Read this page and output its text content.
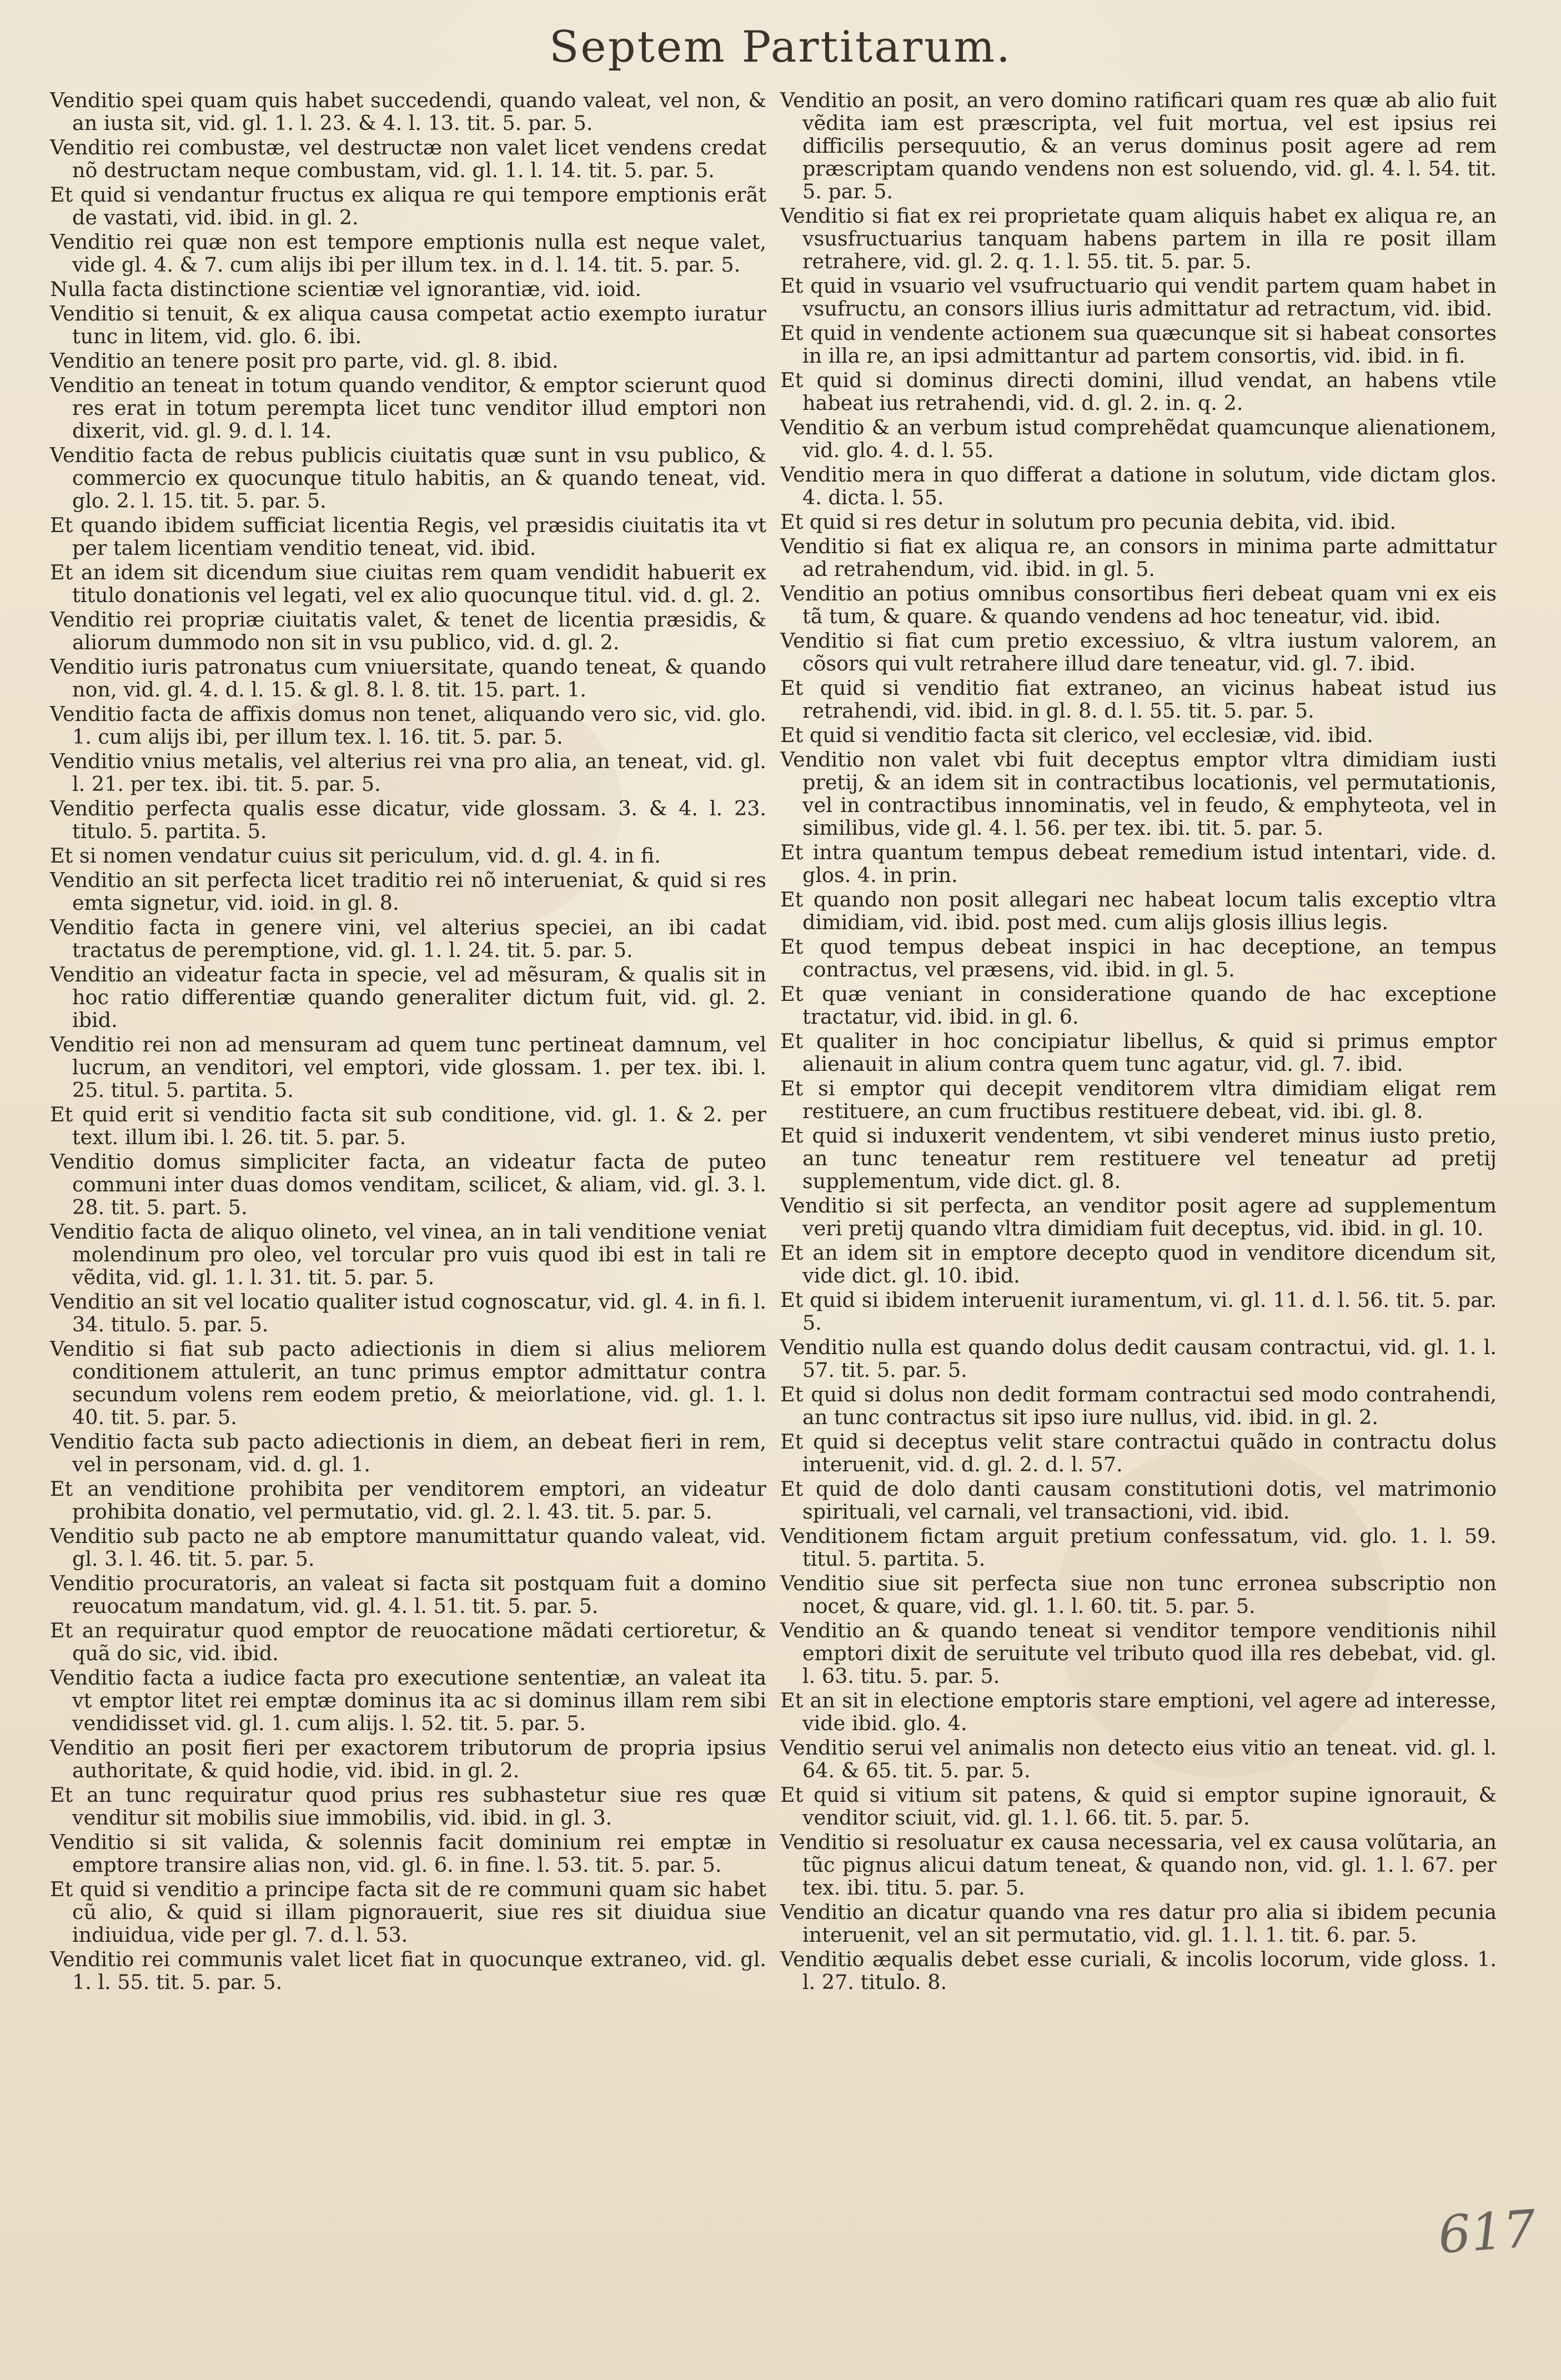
Septem Partitarum.

Venditio spei quam quis habet succedendi, quando valeat, vel non, & an iusta sit, vid. gl. 1. l. 23. & 4. l. 13. tit. 5. par. 5.

Venditio rei combustæ, vel destructæ non valet licet vendens credat nõ destructam neque combustam, vid. gl. 1. l. 14. tit. 5. par. 5.

Et quid si vendantur fructus ex aliqua re qui tempore emptionis erãt de vastati, vid. ibid. in gl. 2.

Venditio rei quæ non est tempore emptionis nulla est neque valet, vide gl. 4. & 7. cum alijs ibi per illum tex. in d. l. 14. tit. 5. par. 5.

Nulla facta distinctione scientiæ vel ignorantiæ, vid. ioid.

Venditio si tenuit, & ex aliqua causa competat actio exempto iuratur tunc in litem, vid. glo. 6. ibi.

Venditio an tenere posit pro parte, vid. gl. 8. ibid.

Venditio an teneat in totum quando venditor, & emptor scierunt quod res erat in totum perempta licet tunc venditor illud emptori non dixerit, vid. gl. 9. d. l. 14.

Venditio facta de rebus publicis ciuitatis quæ sunt in vsu publico, & commercio ex quocunque titulo habitis, an & quando teneat, vid. glo. 2. l. 15. tit. 5. par. 5.

Et quando ibidem sufficiat licentia Regis, vel præsidis ciuitatis ita vt per talem licentiam venditio teneat, vid. ibid.

Et an idem sit dicendum siue ciuitas rem quam vendidit habuerit ex titulo donationis vel legati, vel ex alio quocunque titul. vid. d. gl. 2.

Venditio rei propriæ ciuitatis valet, & tenet de licentia præsidis, & aliorum dummodo non sit in vsu publico, vid. d. gl. 2.

Venditio iuris patronatus cum vniuersitate, quando teneat, & quando non, vid. gl. 4. d. l. 15. & gl. 8. l. 8. tit. 15. part. 1.

Venditio facta de affixis domus non tenet, aliquando vero sic, vid. glo. 1. cum alijs ibi, per illum tex. l. 16. tit. 5. par. 5.

Venditio vnius metalis, vel alterius rei vna pro alia, an teneat, vid. gl. l. 21. per tex. ibi. tit. 5. par. 5.

Venditio perfecta qualis esse dicatur, vide glossam. 3. & 4. l. 23. titulo. 5. partita. 5.

Et si nomen vendatur cuius sit periculum, vid. d. gl. 4. in fi.

Venditio an sit perfecta licet traditio rei nõ interueniat, & quid si res emta signetur, vid. ioid. in gl. 8.

Venditio facta in genere vini, vel alterius speciei, an ibi cadat tractatus de peremptione, vid. gl. 1. l. 24. tit. 5. par. 5.

Venditio an videatur facta in specie, vel ad mẽsuram, & qualis sit in hoc ratio differentiæ quando generaliter dictum fuit, vid. gl. 2. ibid.

Venditio rei non ad mensuram ad quem tunc pertineat damnum, vel lucrum, an venditori, vel emptori, vide glossam. 1. per tex. ibi. l. 25. titul. 5. partita. 5.

Et quid erit si venditio facta sit sub conditione, vid. gl. 1. & 2. per text. illum ibi. l. 26. tit. 5. par. 5.

Venditio domus simpliciter facta, an videatur facta de puteo communi inter duas domos venditam, scilicet, & aliam, vid. gl. 3. l. 28. tit. 5. part. 5.

Venditio facta de aliquo olineto, vel vinea, an in tali venditione veniat molendinum pro oleo, vel torcular pro vuis quod ibi est in tali re vẽdita, vid. gl. 1. l. 31. tit. 5. par. 5.

Venditio an sit vel locatio qualiter istud cognoscatur, vid. gl. 4. in fi. l. 34. titulo. 5. par. 5.

Venditio si fiat sub pacto adiectionis in diem si alius meliorem conditionem attulerit, an tunc primus emptor admittatur contra secundum volens rem eodem pretio, & meiorlatione, vid. gl. 1. l. 40. tit. 5. par. 5.

Venditio facta sub pacto adiectionis in diem, an debeat fieri in rem, vel in personam, vid. d. gl. 1.

Et an venditione prohibita per venditorem emptori, an videatur prohibita donatio, vel permutatio, vid. gl. 2. l. 43. tit. 5. par. 5.

Venditio sub pacto ne ab emptore manumittatur quando valeat, vid. gl. 3. l. 46. tit. 5. par. 5.

Venditio procuratoris, an valeat si facta sit postquam fuit a domino reuocatum mandatum, vid. gl. 4. l. 51. tit. 5. par. 5.

Et an requiratur quod emptor de reuocatione mãdati certioretur, & quã do sic, vid. ibid.

Venditio facta a iudice facta pro executione sententiæ, an valeat ita vt emptor litet rei emptæ dominus ita ac si dominus illam rem sibi vendidisset vid. gl. 1. cum alijs. l. 52. tit. 5. par. 5.

Venditio an posit fieri per exactorem tributorum de propria ipsius authoritate, & quid hodie, vid. ibid. in gl. 2.

Et an tunc requiratur quod prius res subhastetur siue res quæ venditur sit mobilis siue immobilis, vid. ibid. in gl. 3.

Venditio si sit valida, & solennis facit dominium rei emptæ in emptore transire alias non, vid. gl. 6. in fine. l. 53. tit. 5. par. 5.

Et quid si venditio a principe facta sit de re communi quam sic habet cũ alio, & quid si illam pignorauerit, siue res sit diuidua siue indiuidua, vide per gl. 7. d. l. 53.

Venditio rei communis valet licet fiat in quocunque extraneo, vid. gl. 1. l. 55. tit. 5. par. 5.

Venditio an posit, an vero domino ratificari quam res quæ ab alio fuit vẽdita iam est præscripta, vel fuit mortua, vel est ipsius rei difficilis persequutio, & an verus dominus posit agere ad rem præscriptam quando vendens non est soluendo, vid. gl. 4. l. 54. tit. 5. par. 5.

Venditio si fiat ex rei proprietate quam aliquis habet ex aliqua re, an vsusfructuarius tanquam habens partem in illa re posit illam retrahere, vid. gl. 2. q. 1. l. 55. tit. 5. par. 5.

Et quid in vsuario vel vsufructuario qui vendit partem quam habet in vsufructu, an consors illius iuris admittatur ad retractum, vid. ibid.

Et quid in vendente actionem sua quæcunque sit si habeat consortes in illa re, an ipsi admittantur ad partem consortis, vid. ibid. in fi.

Et quid si dominus directi domini, illud vendat, an habens vtile habeat ius retrahendi, vid. d. gl. 2. in. q. 2.

Venditio & an verbum istud comprehẽdat quamcunque alienationem, vid. glo. 4. d. l. 55.

Venditio mera in quo differat a datione in solutum, vide dictam glos. 4. dicta. l. 55.

Et quid si res detur in solutum pro pecunia debita, vid. ibid.

Venditio si fiat ex aliqua re, an consors in minima parte admittatur ad retrahendum, vid. ibid. in gl. 5.

Venditio an potius omnibus consortibus fieri debeat quam vni ex eis tã tum, & quare. & quando vendens ad hoc teneatur, vid. ibid.

Venditio si fiat cum pretio excessiuo, & vltra iustum valorem, an cõsors qui vult retrahere illud dare teneatur, vid. gl. 7. ibid.

Et quid si venditio fiat extraneo, an vicinus habeat istud ius retrahendi, vid. ibid. in gl. 8. d. l. 55. tit. 5. par. 5.

Et quid si venditio facta sit clerico, vel ecclesiæ, vid. ibid.

Venditio non valet vbi fuit deceptus emptor vltra dimidiam iusti pretij, & an idem sit in contractibus locationis, vel permutationis, vel in contractibus innominatis, vel in feudo, & emphyteota, vel in similibus, vide gl. 4. l. 56. per tex. ibi. tit. 5. par. 5.

Et intra quantum tempus debeat remedium istud intentari, vide. d. glos. 4. in prin.

Et quando non posit allegari nec habeat locum talis exceptio vltra dimidiam, vid. ibid. post med. cum alijs glosis illius legis.

Et quod tempus debeat inspici in hac deceptione, an tempus contractus, vel præsens, vid. ibid. in gl. 5.

Et quæ veniant in consideratione quando de hac exceptione tractatur, vid. ibid. in gl. 6.

Et qualiter in hoc concipiatur libellus, & quid si primus emptor alienauit in alium contra quem tunc agatur, vid. gl. 7. ibid.

Et si emptor qui decepit venditorem vltra dimidiam eligat rem restituere, an cum fructibus restituere debeat, vid. ibi. gl. 8.

Et quid si induxerit vendentem, vt sibi venderet minus iusto pretio, an tunc teneatur rem restituere vel teneatur ad pretij supplementum, vide dict. gl. 8.

Venditio si sit perfecta, an venditor posit agere ad supplementum veri pretij quando vltra dimidiam fuit deceptus, vid. ibid. in gl. 10.

Et an idem sit in emptore decepto quod in venditore dicendum sit, vide dict. gl. 10. ibid.

Et quid si ibidem interuenit iuramentum, vi. gl. 11. d. l. 56. tit. 5. par. 5.

Venditio nulla est quando dolus dedit causam contractui, vid. gl. 1. l. 57. tit. 5. par. 5.

Et quid si dolus non dedit formam contractui sed modo contrahendi, an tunc contractus sit ipso iure nullus, vid. ibid. in gl. 2.

Et quid si deceptus velit stare contractui quãdo in contractu dolus interuenit, vid. d. gl. 2. d. l. 57.

Et quid de dolo danti causam constitutioni dotis, vel matrimonio spirituali, vel carnali, vel transactioni, vid. ibid.

Venditionem fictam arguit pretium confessatum, vid. glo. 1. l. 59. titul. 5. partita. 5.

Venditio siue sit perfecta siue non tunc erronea subscriptio non nocet, & quare, vid. gl. 1. l. 60. tit. 5. par. 5.

Venditio an & quando teneat si venditor tempore venditionis nihil emptori dixit de seruitute vel tributo quod illa res debebat, vid. gl. l. 63. titu. 5. par. 5.

Et an sit in electione emptoris stare emptioni, vel agere ad interesse, vide ibid. glo. 4.

Venditio serui vel animalis non detecto eius vitio an teneat. vid. gl. l. 64. & 65. tit. 5. par. 5.

Et quid si vitium sit patens, & quid si emptor supine ignorauit, & venditor sciuit, vid. gl. 1. l. 66. tit. 5. par. 5.

Venditio si resoluatur ex causa necessaria, vel ex causa volũtaria, an tũc pignus alicui datum teneat, & quando non, vid. gl. 1. l. 67. per tex. ibi. titu. 5. par. 5.

Venditio an dicatur quando vna res datur pro alia si ibidem pecunia interuenit, vel an sit permutatio, vid. gl. 1. l. 1. tit. 6. par. 5.

Venditio æqualis debet esse curiali, & incolis locorum, vide gloss. 1. l. 27. titulo. 8.

617
